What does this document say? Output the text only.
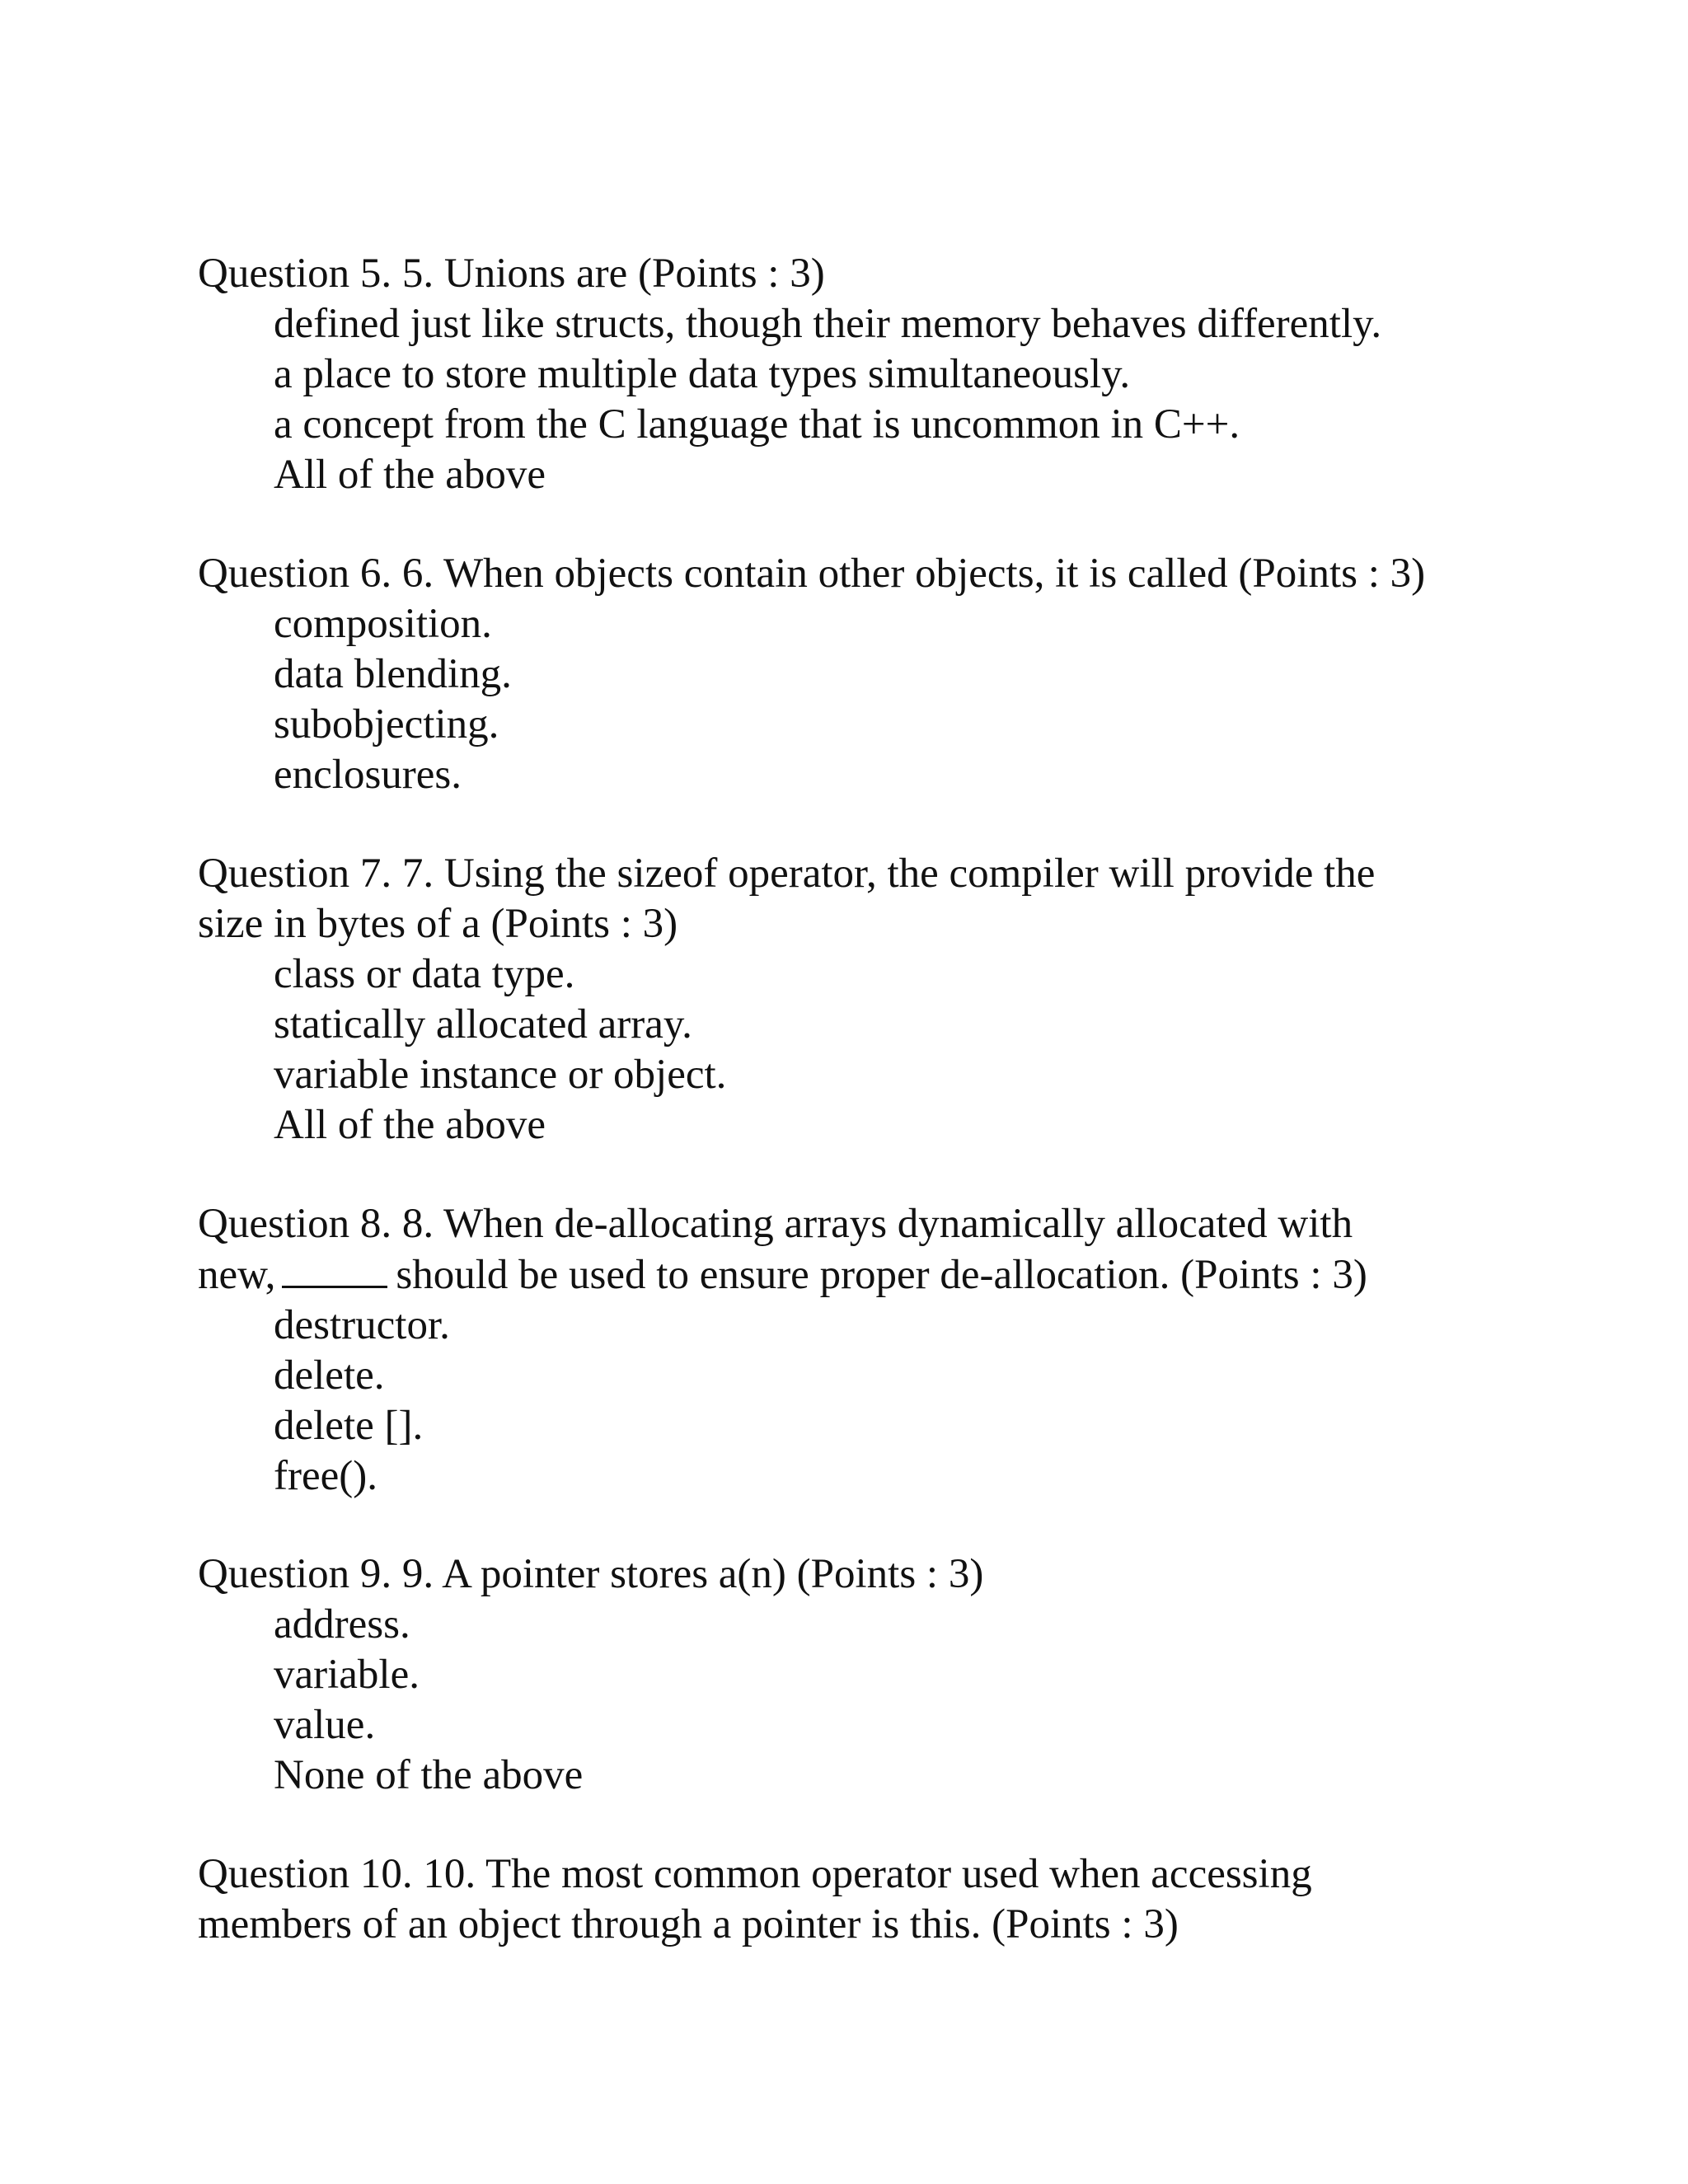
Question 5. 5. Unions are (Points : 3)

defined just like structs, though their memory behaves differently.
a place to store multiple data types simultaneously.
a concept from the C language that is uncommon in C++.
All of the above

Question 6. 6. When objects contain other objects, it is called (Points : 3)

composition.
data blending.
subobjecting.
enclosures.

Question 7. 7. Using the sizeof operator, the compiler will provide the
size in bytes of a (Points : 3)

class or data type.
statically allocated array.
variable instance or object.
All of the above

Question 8. 8. When de-allocating arrays dynamically allocated with
new,	should be used to ensure proper de-allocation. (Points : 3)

destructor.
delete.
delete [].
free().

Question 9. 9. A pointer stores a(n) (Points : 3)

address.
variable.
value.
None of the above

Question 10. 10. The most common operator used when accessing
members of an object through a pointer is this. (Points : 3)
